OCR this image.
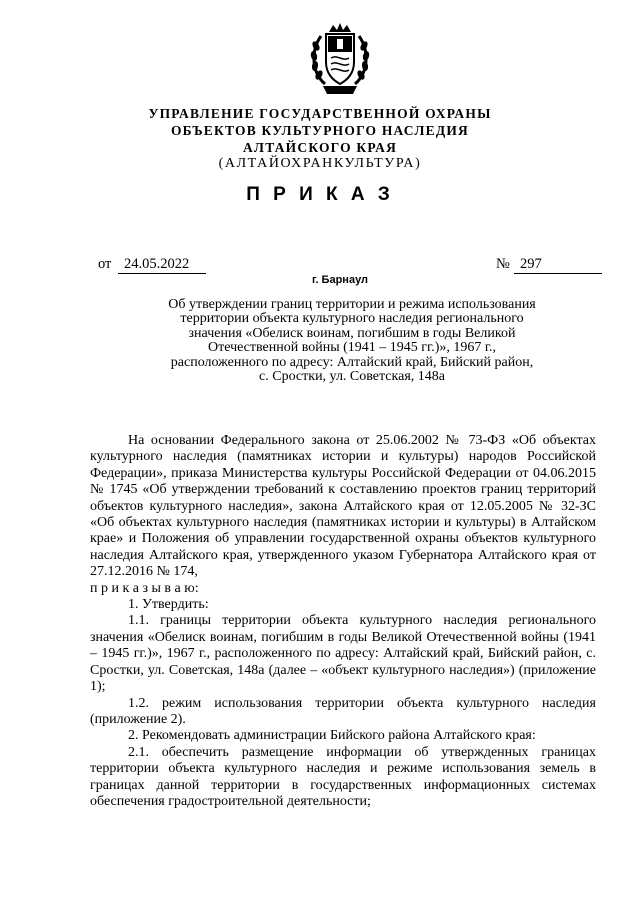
УПРАВЛЕНИЕ ГОСУДАРСТВЕННОЙ ОХРАНЫ
ОБЪЕКТОВ КУЛЬТУРНОГО НАСЛЕДИЯ
АЛТАЙСКОГО КРАЯ
(АЛТАЙОХРАНКУЛЬТУРА)
П Р И К А З
от 24.05.2022	№ 297
г. Барнаул
Об утверждении границ территории и режима использования
территории объекта культурного наследия регионального
значения «Обелиск воинам, погибшим в годы Великой
Отечественной войны (1941 – 1945 гг.)», 1967 г.,
расположенного по адресу: Алтайский край, Бийский район,
с. Сростки, ул. Советская, 148а

На основании Федерального закона от 25.06.2002 № 73-ФЗ «Об объектах культурного наследия (памятниках истории и культуры) народов Российской Федерации», приказа Министерства культуры Российской Федерации от 04.06.2015 № 1745 «Об утверждении требований к составлению проектов границ территорий объектов культурного наследия», закона Алтайского края от 12.05.2005 № 32-ЗС «Об объектах культурного наследия (памятниках истории и культуры) в Алтайском крае» и Положения об управлении государственной охраны объектов культурного наследия Алтайского края, утвержденного указом Губернатора Алтайского края от 27.12.2016 № 174,

п р и к а з ы в а ю:

1. Утвердить:

1.1. границы территории объекта культурного наследия регионального значения «Обелиск воинам, погибшим в годы Великой Отечественной войны (1941 – 1945 гг.)», 1967 г., расположенного по адресу: Алтайский край, Бийский район, с. Сростки, ул. Советская, 148а (далее – «объект культурного наследия») (приложение 1);

1.2. режим использования территории объекта культурного наследия (приложение 2).

2. Рекомендовать администрации Бийского района Алтайского края:

2.1. обеспечить размещение информации об утвержденных границах территории объекта культурного наследия и режиме использования земель в границах данной территории в государственных информационных системах обеспечения градостроительной деятельности;
